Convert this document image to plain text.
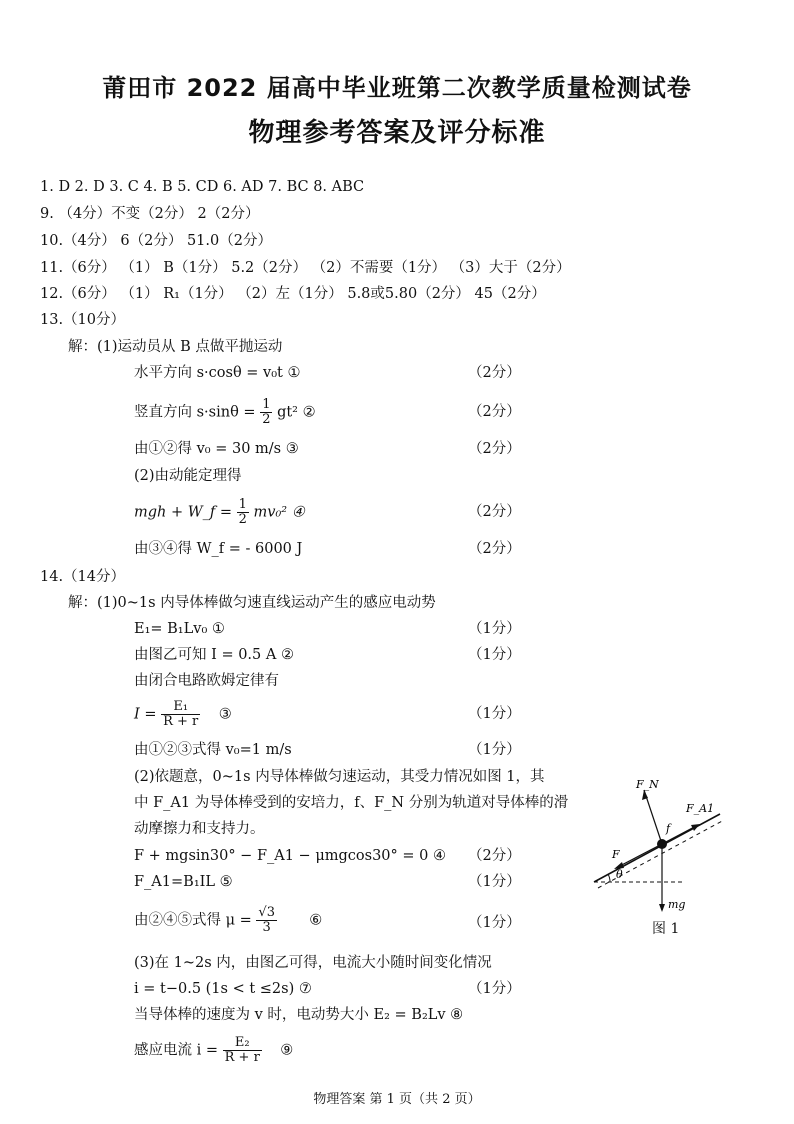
莆田市 2022 届高中毕业班第二次教学质量检测试卷
物理参考答案及评分标准
1. D 2. D 3. C 4. B 5. CD 6. AD 7. BC 8. ABC
9. （4分）不变（2分） 2（2分）
10.（4分） 6（2分） 51.0（2分）
11.（6分） （1） B（1分） 5.2（2分） （2）不需要（1分） （3）大于（2分）
12.（6分） （1） R₁（1分） （2）左（1分） 5.8或5.80（2分） 45（2分）
13.（10分）
解：(1)运动员从 B 点做平抛运动
水平方向 s·cosθ = v₀t ①	（2分）
竖直方向 $s\cdot\sin\theta = \frac{1}{2} gt^2$ ②	（2分）
由①②得 v₀ = 30 m/s ③	（2分）
(2)由动能定理得
mgh + W_f = $\frac{1}{2} mv_0^2$ ④	（2分）
由③④得 W_f = - 6000 J	（2分）
14.（14分）
解：(1)0~1s 内导体棒做匀速直线运动产生的感应电动势
E₁= B₁Lv₀ ①	（1分）
由图乙可知 I = 0.5 A ②	（1分）
由闭合电路欧姆定律有
$I = \frac{\text{E₁}}{R + r}$ ③	（1分）
由①②③式得 v₀=1 m/s	（1分）
(2)依题意，0~1s 内导体棒做匀速运动，其受力情况如图 1，其
中 F_A1 为导体棒受到的安培力，f、F_N 分别为轨道对导体棒的滑
动摩擦力和支持力。
F + mgsin30° − F_A1 − μmgcos30° = 0 ④ （2分）
F_A1=B₁IL ⑤	（1分）
由②④⑤式得 $\mu = \frac{√3}{3}$ ⑥	（1分）
(3)在 1~2s 内，由图乙可得，电流大小随时间变化情况
i = t−0.5 (1s < t ≤2s) ⑦	（1分）
当导体棒的速度为 v 时，电动势大小 E₂ = B₂Lv ⑧
感应电流 $i = \frac{\text{E₂}}{R + r}$ ⑨
F_N
F_A1
f
F
θ
mg
图 1
物理答案 第 1 页（共 2 页）
